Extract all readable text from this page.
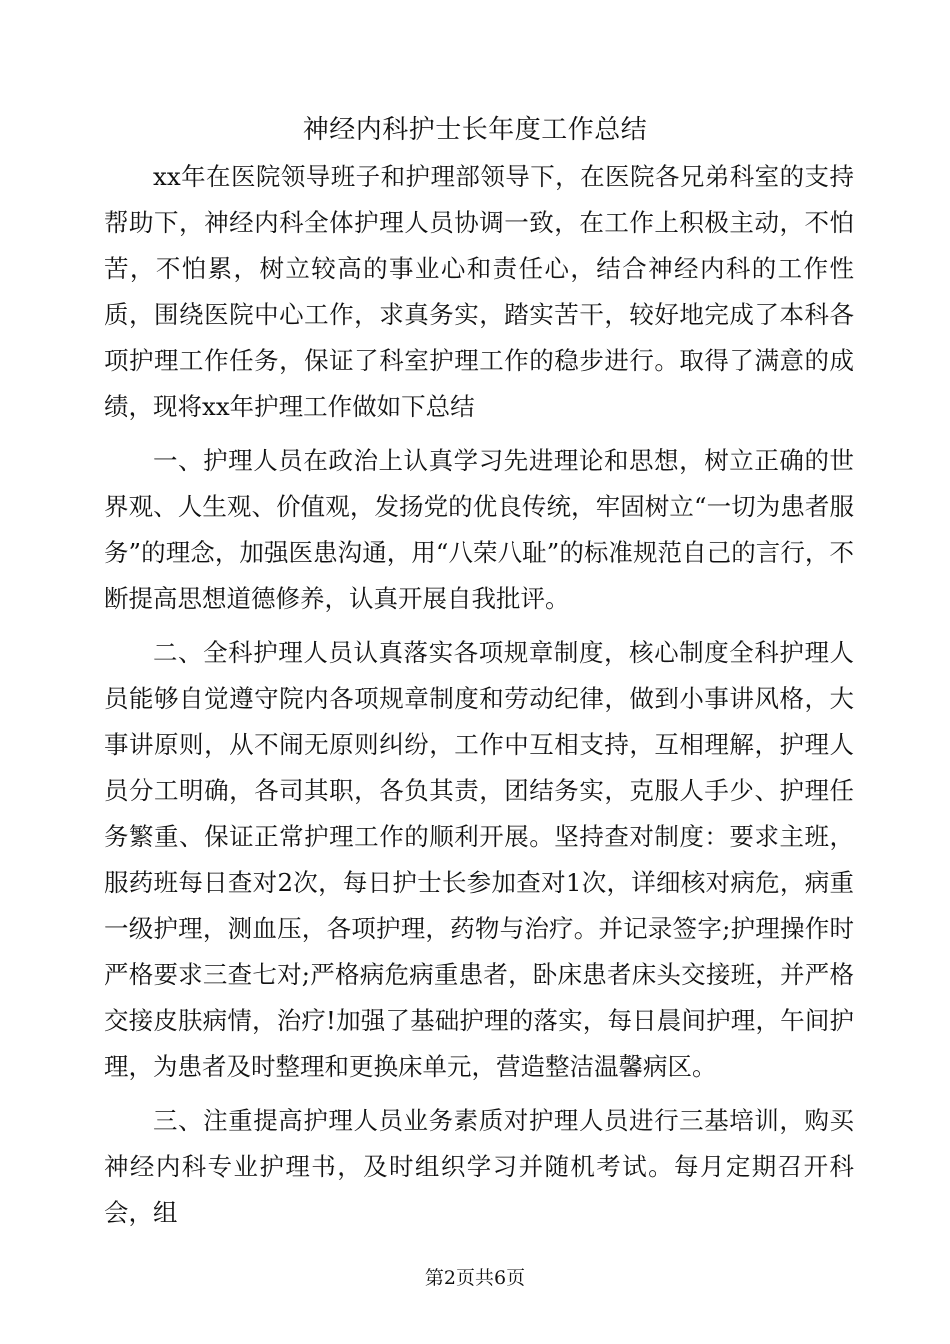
神经内科护士长年度工作总结

xx年在医院领导班子和护理部领导下，在医院各兄弟科室的支持帮助下，神经内科全体护理人员协调一致，在工作上积极主动，不怕苦，不怕累，树立较高的事业心和责任心，结合神经内科的工作性质，围绕医院中心工作，求真务实，踏实苦干，较好地完成了本科各项护理工作任务，保证了科室护理工作的稳步进行。取得了满意的成绩，现将xx年护理工作做如下总结

一、护理人员在政治上认真学习先进理论和思想，树立正确的世界观、人生观、价值观，发扬党的优良传统，牢固树立“一切为患者服务”的理念，加强医患沟通，用“八荣八耻”的标准规范自己的言行，不断提高思想道德修养，认真开展自我批评。

二、全科护理人员认真落实各项规章制度，核心制度全科护理人员能够自觉遵守院内各项规章制度和劳动纪律，做到小事讲风格，大事讲原则，从不闹无原则纠纷，工作中互相支持，互相理解，护理人员分工明确，各司其职，各负其责，团结务实，克服人手少、护理任务繁重、保证正常护理工作的顺利开展。坚持查对制度：要求主班，服药班每日查对2次，每日护士长参加查对1次，详细核对病危，病重一级护理，测血压，各项护理，药物与治疗。并记录签字;护理操作时严格要求三查七对;严格病危病重患者，卧床患者床头交接班，并严格交接皮肤病情，治疗!加强了基础护理的落实，每日晨间护理，午间护理，为患者及时整理和更换床单元，营造整洁温馨病区。

三、注重提高护理人员业务素质对护理人员进行三基培训，购买神经内科专业护理书，及时组织学习并随机考试。每月定期召开科会，组

第2页共6页
